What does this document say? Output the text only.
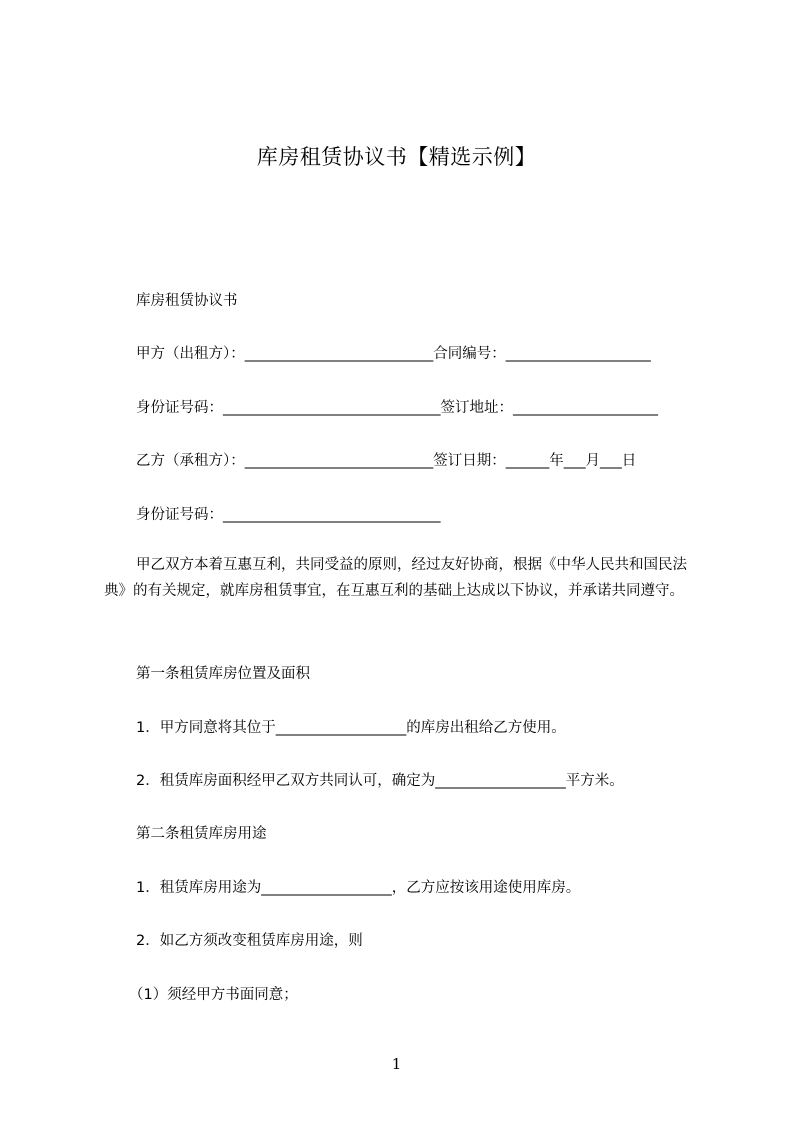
库房租赁协议书【精选示例】
库房租赁协议书
甲方（出租方）：__________________________合同编号：____________________
身份证号码：______________________________签订地址：____________________
乙方（承租方）：__________________________签订日期：______年___月___日
身份证号码：______________________________
甲乙双方本着互惠互利，共同受益的原则，经过友好协商，根据《中华人民共和国民法典》的有关规定，就库房租赁事宜，在互惠互利的基础上达成以下协议，并承诺共同遵守。
第一条租赁库房位置及面积
1．甲方同意将其位于__________________的库房出租给乙方使用。
2．租赁库房面积经甲乙双方共同认可，确定为__________________平方米。
第二条租赁库房用途
1．租赁库房用途为__________________，乙方应按该用途使用库房。
2．如乙方须改变租赁库房用途，则
（1）须经甲方书面同意；
1
